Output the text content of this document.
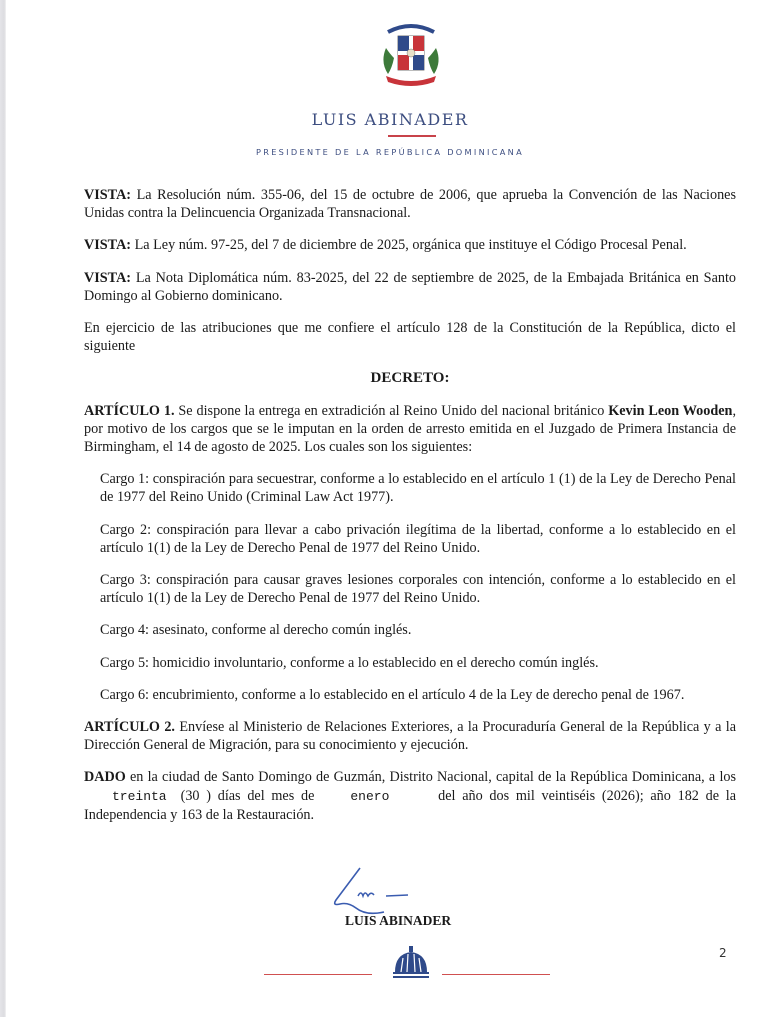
LUIS ABINADER
PRESIDENTE DE LA REPÚBLICA DOMINICANA

VISTA: La Resolución núm. 355-06, del 15 de octubre de 2006, que aprueba la Convención de las Naciones Unidas contra la Delincuencia Organizada Transnacional.

VISTA: La Ley núm. 97-25, del 7 de diciembre de 2025, orgánica que instituye el Código Procesal Penal.

VISTA: La Nota Diplomática núm. 83-2025, del 22 de septiembre de 2025, de la Embajada Británica en Santo Domingo al Gobierno dominicano.

En ejercicio de las atribuciones que me confiere el artículo 128 de la Constitución de la República, dicto el siguiente

DECRETO:

ARTÍCULO 1. Se dispone la entrega en extradición al Reino Unido del nacional británico Kevin Leon Wooden, por motivo de los cargos que se le imputan en la orden de arresto emitida en el Juzgado de Primera Instancia de Birmingham, el 14 de agosto de 2025. Los cuales son los siguientes:

Cargo 1: conspiración para secuestrar, conforme a lo establecido en el artículo 1 (1) de la Ley de Derecho Penal de 1977 del Reino Unido (Criminal Law Act 1977).

Cargo 2: conspiración para llevar a cabo privación ilegítima de la libertad, conforme a lo establecido en el artículo 1(1) de la Ley de Derecho Penal de 1977 del Reino Unido.

Cargo 3: conspiración para causar graves lesiones corporales con intención, conforme a lo establecido en el artículo 1(1) de la Ley de Derecho Penal de 1977 del Reino Unido.

Cargo 4: asesinato, conforme al derecho común inglés.

Cargo 5: homicidio involuntario, conforme a lo establecido en el derecho común inglés.

Cargo 6: encubrimiento, conforme a lo establecido en el artículo 4 de la Ley de derecho penal de 1967.

ARTÍCULO 2. Envíese al Ministerio de Relaciones Exteriores, a la Procuraduría General de la República y a la Dirección General de Migración, para su conocimiento y ejecución.

DADO en la ciudad de Santo Domingo de Guzmán, Distrito Nacional, capital de la República Dominicana, a lostreinta (30 ) días del mes de	enero	del año dos mil veintiséis (2026); año 182 de la Independencia y 163 de la Restauración.

LUIS ABINADER
2
